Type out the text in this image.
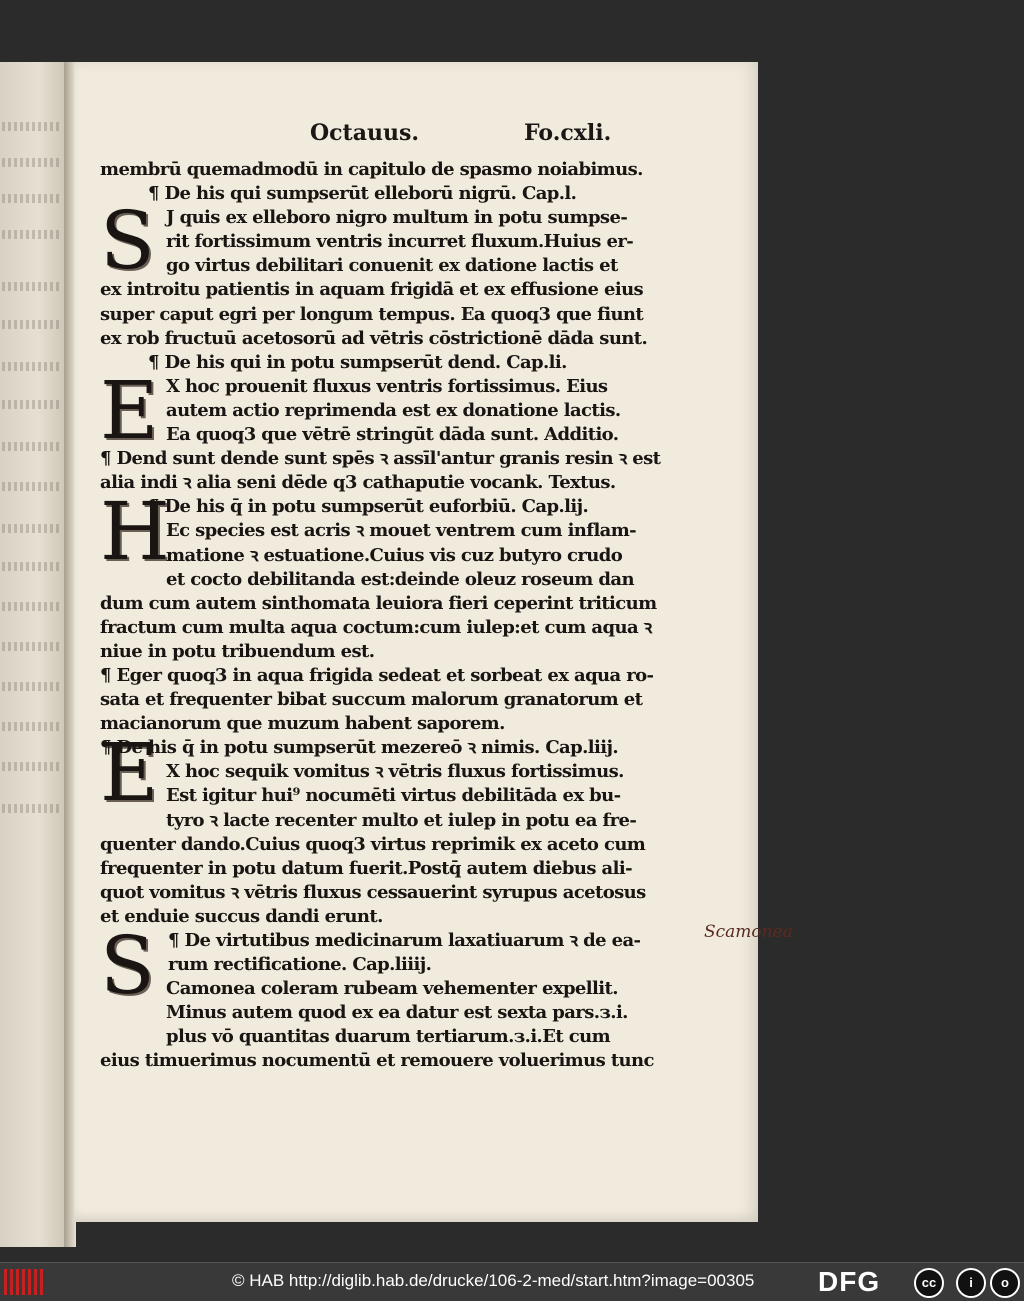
Octauus.	Fo.cxli.
S
E
H
E
S
membrū quemadmodū in capitulo de spasmo noiabimus.
¶ De his qui sumpserūt elleborū nigrū. Cap.l.
J quis ex elleboro nigro multum in potu sumpse-
rit fortissimum ventris incurret fluxum.Huius er-
go virtus debilitari conuenit ex datione lactis et
ex introitu patientis in aquam frigidā et ex effusione eius
super caput egri per longum tempus. Ea quoq3 que fiunt
ex rob fructuū acetosorū ad vētris cōstrictionē dāda sunt.
¶ De his qui in potu sumpserūt dend. Cap.li.
X hoc prouenit fluxus ventris fortissimus. Eius
autem actio reprimenda est ex donatione lactis.
Ea quoq3 que vētrē stringūt dāda sunt. Additio.
¶ Dend sunt dende sunt spēs ꝛ assīl'antur granis resin ꝛ est
alia indi ꝛ alia seni dēde q3 cathaputie vocank. Textus.
¶ De his q̄ in potu sumpserūt euforbiū. Cap.lij.
Ec species est acris ꝛ mouet ventrem cum inflam-
matione ꝛ estuatione.Cuius vis cuz butyro crudo
et cocto debilitanda est:deinde oleuz roseum dan
dum cum autem sinthomata leuiora fieri ceperint triticum
fractum cum multa aqua coctum:cum iulep:et cum aqua ꝛ
niue in potu tribuendum est.
¶ Eger quoq3 in aqua frigida sedeat et sorbeat ex aqua ro-
sata et frequenter bibat succum malorum granatorum et
macianorum que muzum habent saporem.
¶ De his q̄ in potu sumpserūt mezereō ꝛ nimis. Cap.liij.
X hoc sequik vomitus ꝛ vētris fluxus fortissimus.
Est igitur hui⁹ nocumēti virtus debilitāda ex bu-
tyro ꝛ lacte recenter multo et iulep in potu ea fre-
quenter dando.Cuius quoq3 virtus reprimik ex aceto cum
frequenter in potu datum fuerit.Postq̄ autem diebus ali-
quot vomitus ꝛ vētris fluxus cessauerint syrupus acetosus
et enduie succus dandi erunt.
¶ De virtutibus medicinarum laxatiuarum ꝛ de ea-
rum rectificatione. Cap.liiij.
Camonea coleram rubeam vehementer expellit.
Minus autem quod ex ea datur est sexta pars.з.i.
plus vō quantitas duarum tertiarum.з.i.Et cum
eius timuerimus nocumentū et remouere voluerimus tunc
Scamonea
© HAB http://diglib.hab.de/drucke/106-2-med/start.htm?image=00305 DFG	cc	i	o
